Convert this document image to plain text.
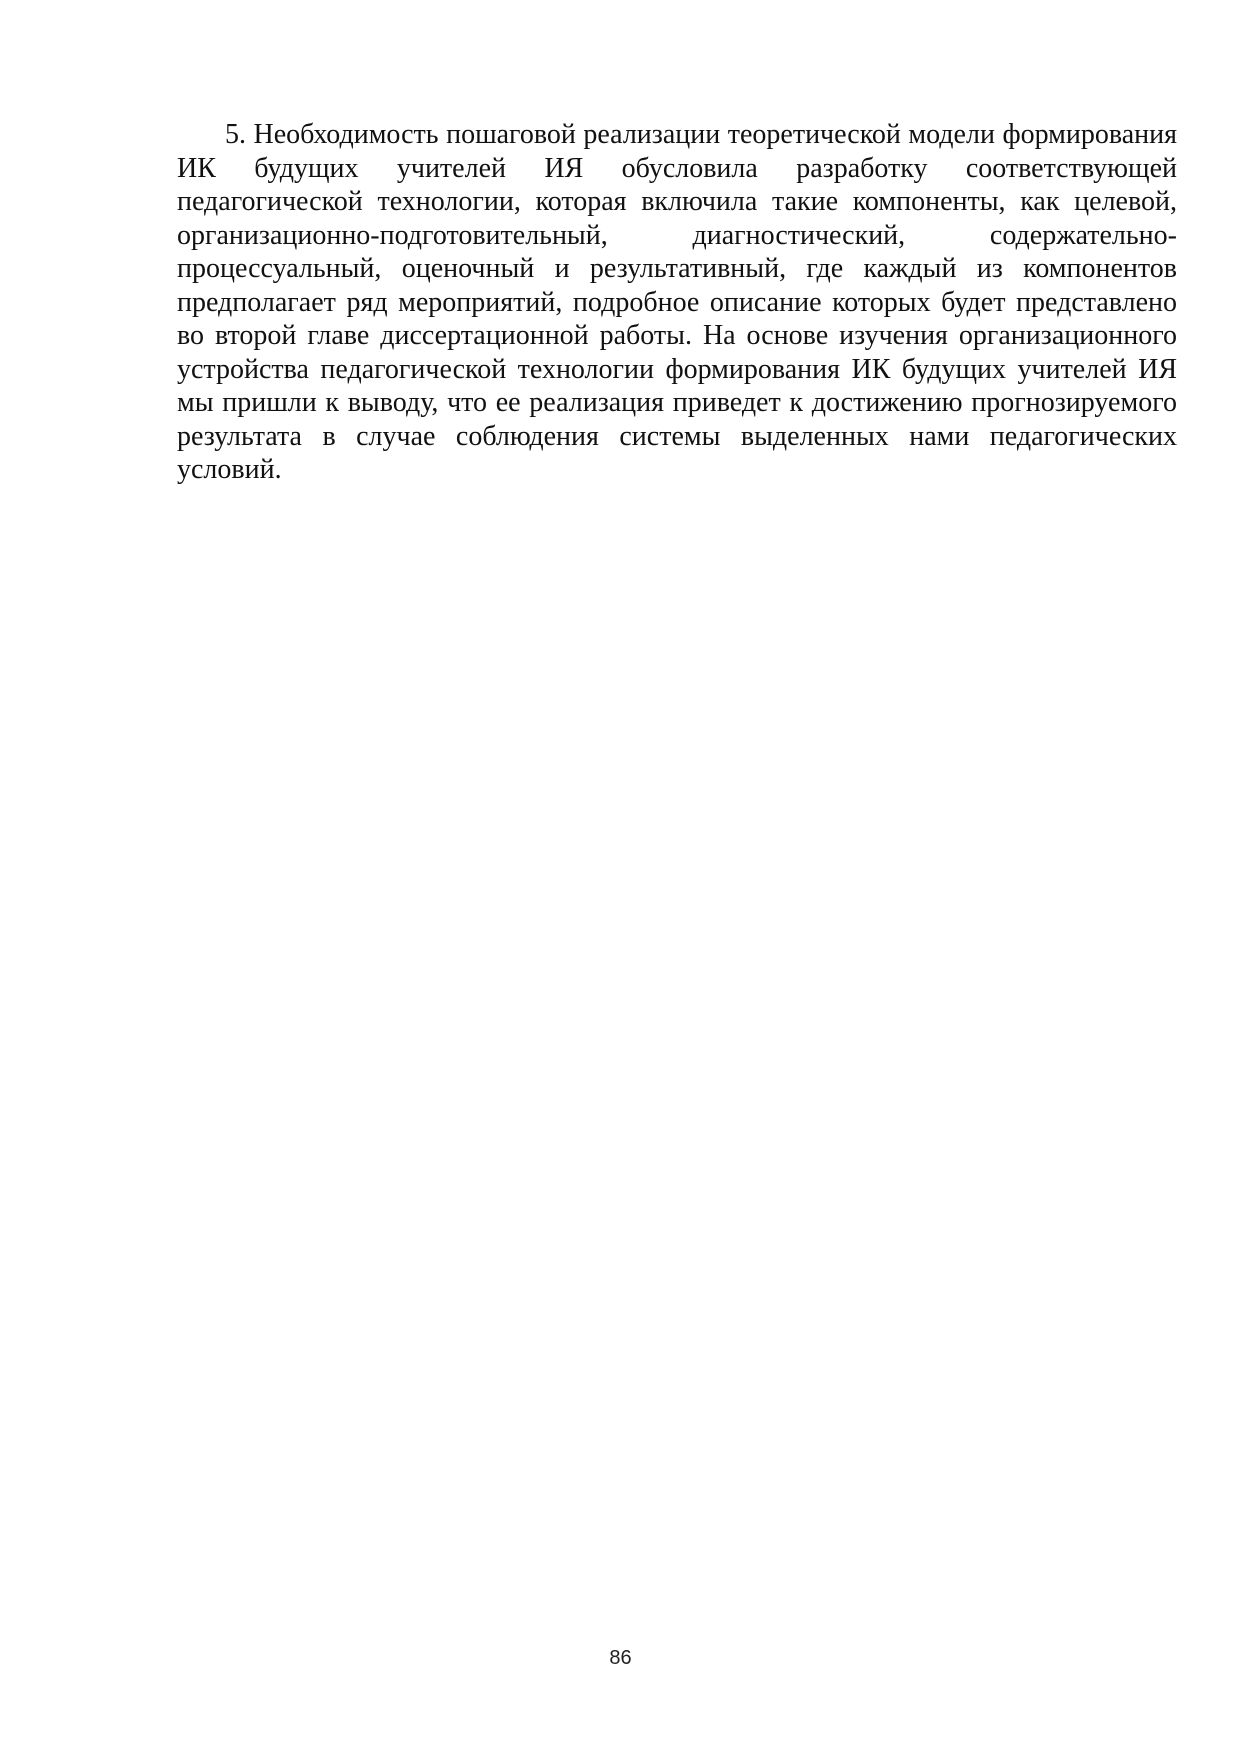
5. Необходимость пошаговой реализации теоретической модели формирования ИК будущих учителей ИЯ обусловила разработку соответствующей педагогической технологии, которая включила такие компоненты, как целевой, организационно-подготовительный, диагностический, содержательно-процессуальный, оценочный и результативный, где каждый из компонентов предполагает ряд мероприятий, подробное описание которых будет представлено во второй главе диссертационной работы. На основе изучения организационного устройства педагогической технологии формирования ИК будущих учителей ИЯ мы пришли к выводу, что ее реализация приведет к достижению прогнозируемого результата в случае соблюдения системы выделенных нами педагогических условий.

86
